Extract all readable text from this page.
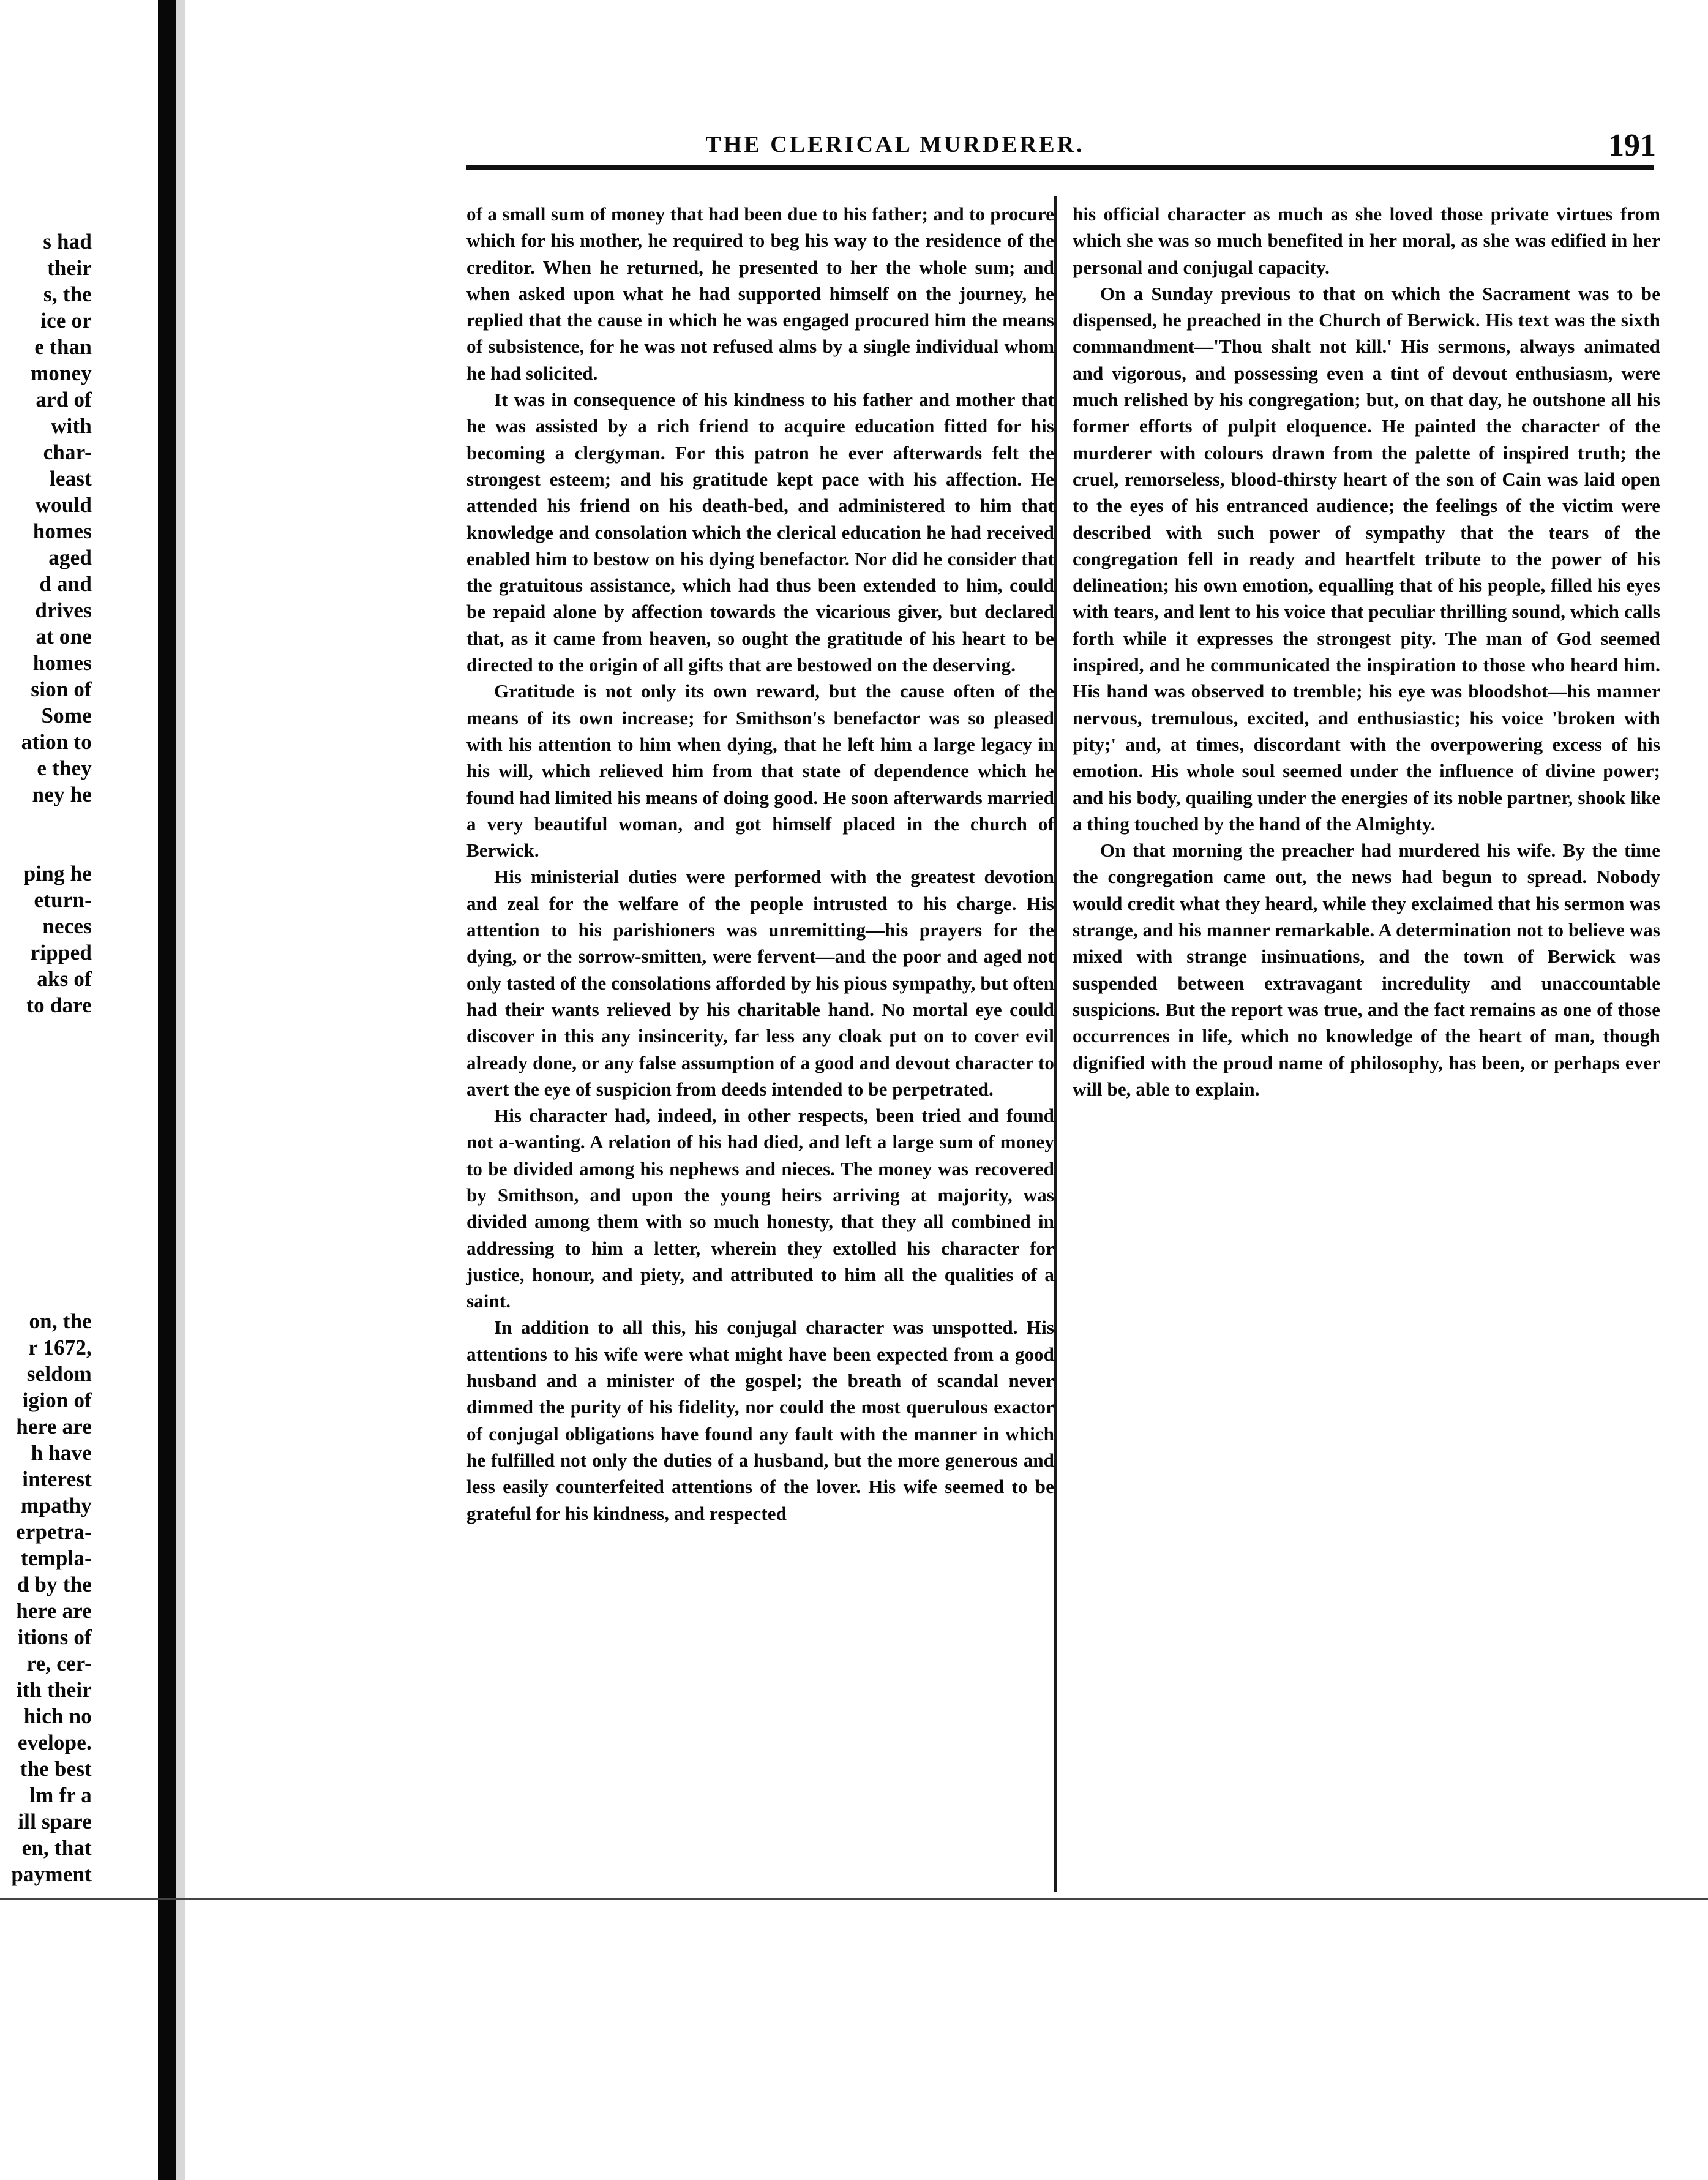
s had
their
s, the
ice or
e than
money
ard of
with
char-
least
would
homes
aged
d and
drives
at one
homes
sion of
Some
ation to
e they
ney he
ping he
eturn-
neces
ripped
aks of
to dare
on, the
r 1672,
seldom
igion of
here are
h have
interest
mpathy
erpetra-
templa-
d by the
here are
itions of
re, cer-
ith their
hich no
evelope.
the best
lm fr a
ill spare
en, that
payment
THE CLERICAL MURDERER.	191

of a small sum of money that had been due to his father; and to procure which for his mother, he required to beg his way to the residence of the creditor. When he returned, he presented to her the whole sum; and when asked upon what he had supported himself on the journey, he replied that the cause in which he was engaged procured him the means of subsistence, for he was not refused alms by a single individual whom he had solicited.

It was in consequence of his kindness to his father and mother that he was assisted by a rich friend to acquire education fitted for his becoming a clergyman. For this patron he ever afterwards felt the strongest esteem; and his gratitude kept pace with his affection. He attended his friend on his death-bed, and administered to him that knowledge and consolation which the clerical education he had received enabled him to bestow on his dying benefactor. Nor did he consider that the gratuitous assistance, which had thus been extended to him, could be repaid alone by affection towards the vicarious giver, but declared that, as it came from heaven, so ought the gratitude of his heart to be directed to the origin of all gifts that are bestowed on the deserving.

Gratitude is not only its own reward, but the cause often of the means of its own increase; for Smithson's benefactor was so pleased with his attention to him when dying, that he left him a large legacy in his will, which relieved him from that state of dependence which he found had limited his means of doing good. He soon afterwards married a very beautiful woman, and got himself placed in the church of Berwick.

His ministerial duties were performed with the greatest devotion and zeal for the welfare of the people intrusted to his charge. His attention to his parishioners was unremitting—his prayers for the dying, or the sorrow-smitten, were fervent—and the poor and aged not only tasted of the consolations afforded by his pious sympathy, but often had their wants relieved by his charitable hand. No mortal eye could discover in this any insincerity, far less any cloak put on to cover evil already done, or any false assumption of a good and devout character to avert the eye of suspicion from deeds intended to be perpetrated.

His character had, indeed, in other respects, been tried and found not a-wanting. A relation of his had died, and left a large sum of money to be divided among his nephews and nieces. The money was recovered by Smithson, and upon the young heirs arriving at majority, was divided among them with so much honesty, that they all combined in addressing to him a letter, wherein they extolled his character for justice, honour, and piety, and attributed to him all the qualities of a saint.

In addition to all this, his conjugal character was unspotted. His attentions to his wife were what might have been expected from a good husband and a minister of the gospel; the breath of scandal never dimmed the purity of his fidelity, nor could the most querulous exactor of conjugal obligations have found any fault with the manner in which he fulfilled not only the duties of a husband, but the more generous and less easily counterfeited attentions of the lover. His wife seemed to be grateful for his kindness, and respected

his official character as much as she loved those private virtues from which she was so much benefited in her moral, as she was edified in her personal and conjugal capacity.

On a Sunday previous to that on which the Sacrament was to be dispensed, he preached in the Church of Berwick. His text was the sixth commandment—'Thou shalt not kill.' His sermons, always animated and vigorous, and possessing even a tint of devout enthusiasm, were much relished by his congregation; but, on that day, he outshone all his former efforts of pulpit eloquence. He painted the character of the murderer with colours drawn from the palette of inspired truth; the cruel, remorseless, blood-thirsty heart of the son of Cain was laid open to the eyes of his entranced audience; the feelings of the victim were described with such power of sympathy that the tears of the congregation fell in ready and heartfelt tribute to the power of his delineation; his own emotion, equalling that of his people, filled his eyes with tears, and lent to his voice that peculiar thrilling sound, which calls forth while it expresses the strongest pity. The man of God seemed inspired, and he communicated the inspiration to those who heard him. His hand was observed to tremble; his eye was bloodshot—his manner nervous, tremulous, excited, and enthusiastic; his voice 'broken with pity;' and, at times, discordant with the overpowering excess of his emotion. His whole soul seemed under the influence of divine power; and his body, quailing under the energies of its noble partner, shook like a thing touched by the hand of the Almighty.

On that morning the preacher had murdered his wife. By the time the congregation came out, the news had begun to spread. Nobody would credit what they heard, while they exclaimed that his sermon was strange, and his manner remarkable. A determination not to believe was mixed with strange insinuations, and the town of Berwick was suspended between extravagant incredulity and unaccountable suspicions. But the report was true, and the fact remains as one of those occurrences in life, which no knowledge of the heart of man, though dignified with the proud name of philosophy, has been, or perhaps ever will be, able to explain.
